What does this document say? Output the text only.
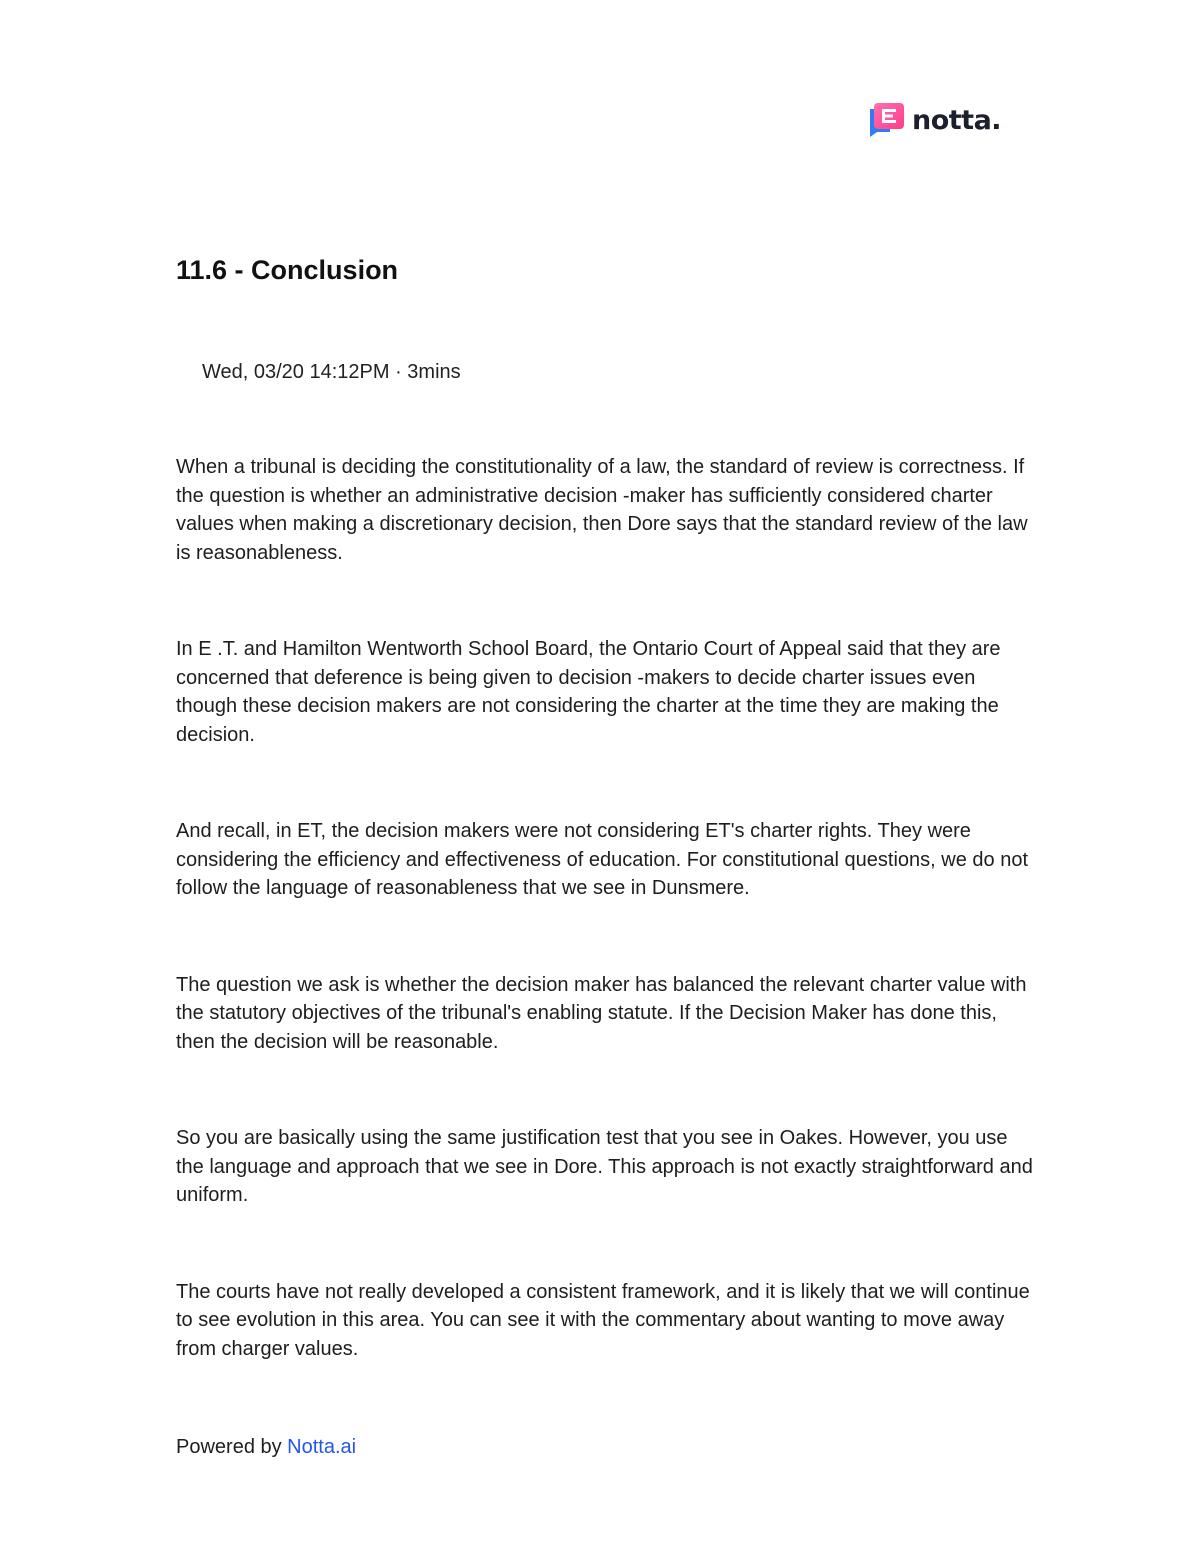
notta.
11.6 - Conclusion
Wed, 03/20 14:12PM · 3mins

When a tribunal is deciding the constitutionality of a law, the standard of review is correctness. If the question is whether an administrative decision -maker has sufficiently considered charter values when making a discretionary decision, then Dore says that the standard review of the law is reasonableness.

In E .T. and Hamilton Wentworth School Board, the Ontario Court of Appeal said that they are concerned that deference is being given to decision -makers to decide charter issues even though these decision makers are not considering the charter at the time they are making the decision.

And recall, in ET, the decision makers were not considering ET's charter rights. They were considering the efficiency and effectiveness of education. For constitutional questions, we do not follow the language of reasonableness that we see in Dunsmere.

The question we ask is whether the decision maker has balanced the relevant charter value with the statutory objectives of the tribunal's enabling statute. If the Decision Maker has done this, then the decision will be reasonable.

So you are basically using the same justification test that you see in Oakes. However, you use the language and approach that we see in Dore. This approach is not exactly straightforward and uniform.

The courts have not really developed a consistent framework, and it is likely that we will continue to see evolution in this area. You can see it with the commentary about wanting to move away from charger values.

Powered by Notta.ai
